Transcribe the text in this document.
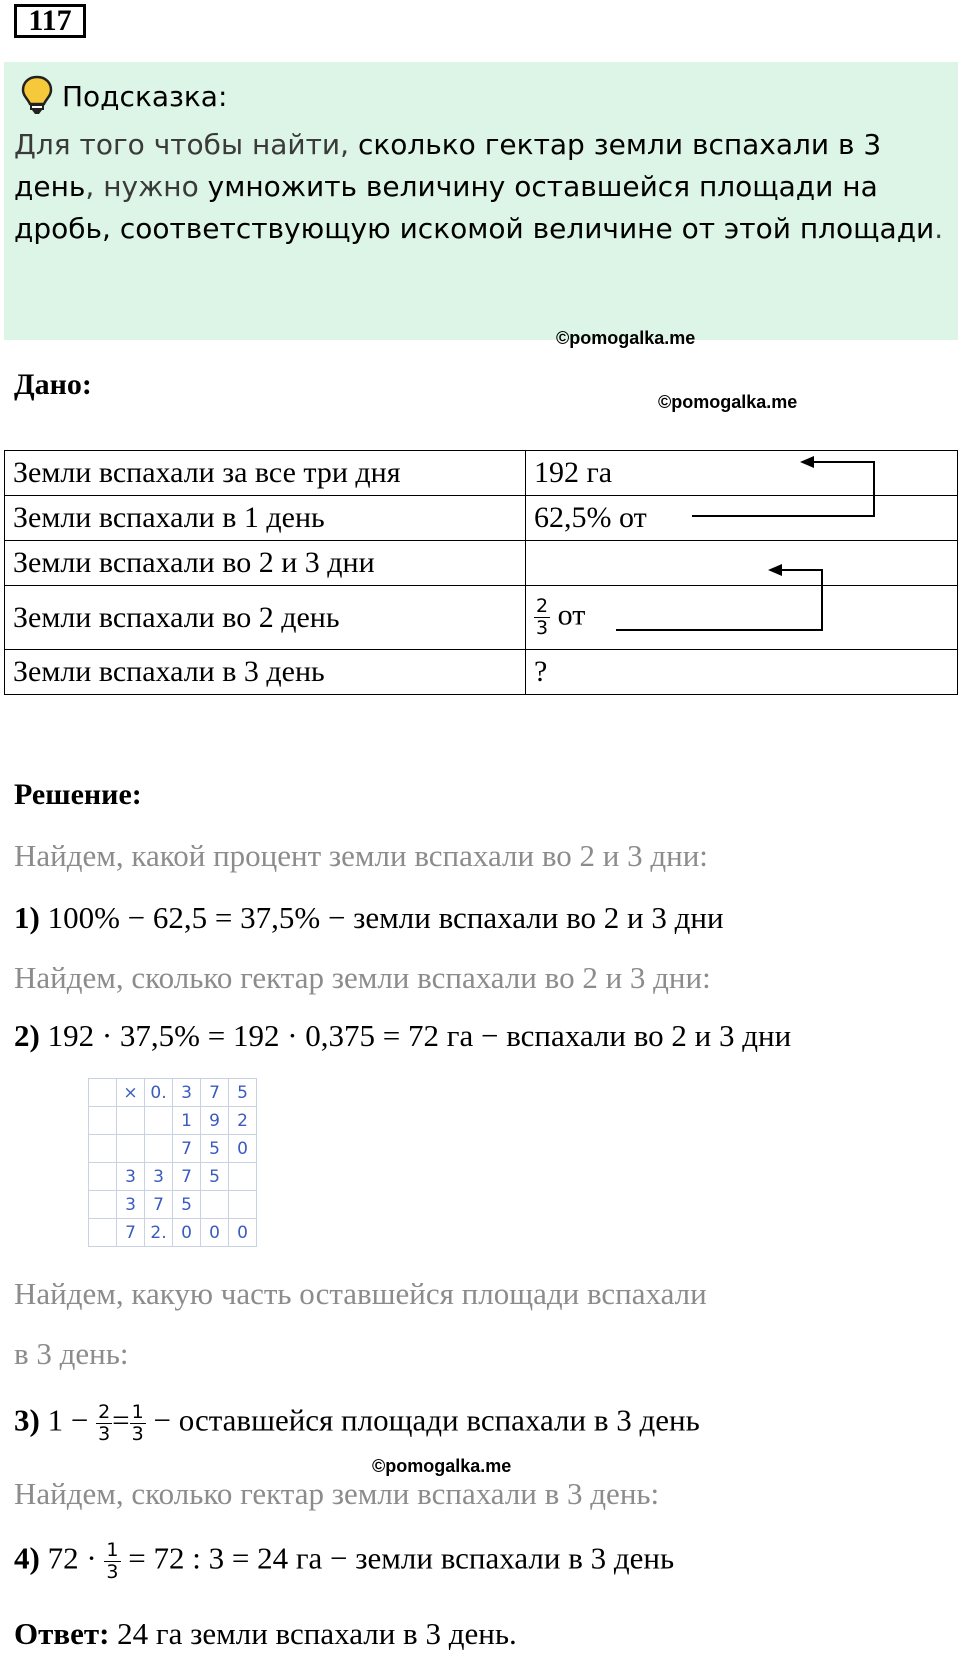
117
Подсказка:
Для того чтобы найти, сколько гектар земли вспахали в 3 день, нужно умножить величину оставшейся площади на дробь, соответствующую искомой величине от этой площади.
©pomogalka.me
Дано:
©pomogalka.me
Земли вспахали за все три дня	192 га
Земли вспахали в 1 день	62,5% от
Земли вспахали во 2 и 3 дни	
Земли вспахали во 2 день	$\frac{2}{3}$ от
Земли вспахали в 3 день	?
Решение:
Найдем, какой процент земли вспахали во 2 и 3 дни:
1) 100% − 62,5 = 37,5% − земли вспахали во 2 и 3 дни
Найдем, сколько гектар земли вспахали во 2 и 3 дни:
2) 192 · 37,5% = 192 · 0,375 = 72 га − вспахали во 2 и 3 дни
	×	0.	3	7	5
			1	9	2
			7	5	0
	3	3	7	5	
	3	7	5		
	7	2.	0	0	0
Найдем, какую часть оставшейся площади вспахали
в 3 день:
3) $1 - \frac{2}{3} = \frac{1}{3}$ − оставшейся площади вспахали в 3 день
©pomogalka.me
Найдем, сколько гектар земли вспахали в 3 день:
4) $72 \cdot \frac{1}{3} = 72$ : 3 = 24 га − земли вспахали в 3 день
Ответ: 24 га земли вспахали в 3 день.
